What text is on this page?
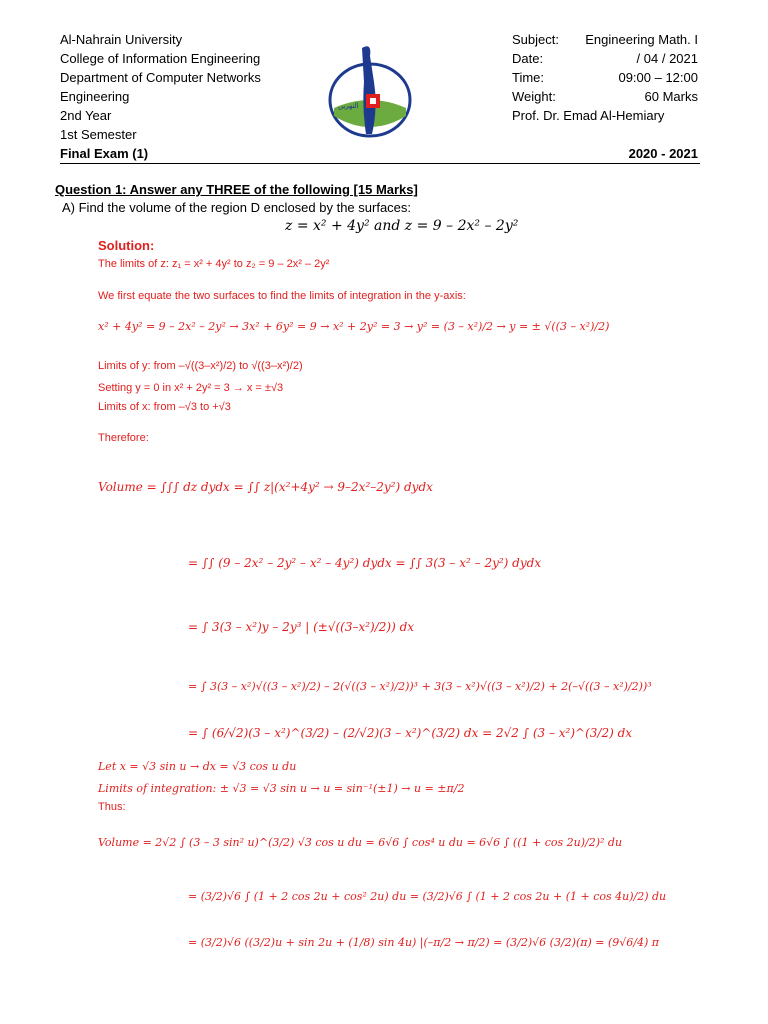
Al-Nahrain University
College of Information Engineering
Department of Computer Networks
Engineering
2nd Year
1st Semester
Final Exam (1)
ﺍﻟﻨﻬﺮﻳﻦ
Subject: Engineering Math. I
Date:	/ 04 / 2021
Time:	09:00 – 12:00
Weight:	60 Marks
Prof. Dr. Emad Al-Hemiary
2020 - 2021
Question 1: Answer any THREE of the following [15 Marks]
A) Find the volume of the region D enclosed by the surfaces:
z = x² + 4y² and z = 9 – 2x² – 2y²
Solution:
The limits of z: z₁ = x² + 4y² to z₂ = 9 – 2x² – 2y²
We first equate the two surfaces to find the limits of integration in the y-axis:
x² + 4y² = 9 – 2x² – 2y² → 3x² + 6y² = 9 → x² + 2y² = 3 → y² = (3 – x²)/2 → y = ± √((3 – x²)/2)
Limits of y: from –√((3–x²)/2) to √((3–x²)/2)
Setting y = 0 in x² + 2y² = 3 → x = ±√3
Limits of x: from –√3 to +√3
Therefore:
Volume = ∫∫∫ dz dydx = ∫∫ z|(x²+4y² → 9–2x²–2y²) dydx
= ∫∫ (9 – 2x² – 2y² – x² – 4y²) dydx = ∫∫ 3(3 – x² – 2y²) dydx
= ∫ 3(3 – x²)y – 2y³ | (±√((3–x²)/2)) dx
= ∫ 3(3 – x²)√((3 – x²)/2) – 2(√((3 – x²)/2))³ + 3(3 – x²)√((3 – x²)/2) + 2(–√((3 – x²)/2))³
= ∫ (6/√2)(3 – x²)^(3/2) – (2/√2)(3 – x²)^(3/2) dx = 2√2 ∫ (3 – x²)^(3/2) dx
Let x = √3 sin u → dx = √3 cos u du
Limits of integration: ± √3 = √3 sin u → u = sin⁻¹(±1) → u = ±π/2
Thus:
Volume = 2√2 ∫ (3 – 3 sin² u)^(3/2) √3 cos u du = 6√6 ∫ cos⁴ u du = 6√6 ∫ ((1 + cos 2u)/2)² du
= (3/2)√6 ∫ (1 + 2 cos 2u + cos² 2u) du = (3/2)√6 ∫ (1 + 2 cos 2u + (1 + cos 4u)/2) du
= (3/2)√6 ((3/2)u + sin 2u + (1/8) sin 4u) |(–π/2 → π/2) = (3/2)√6 (3/2)(π) = (9√6/4) π
